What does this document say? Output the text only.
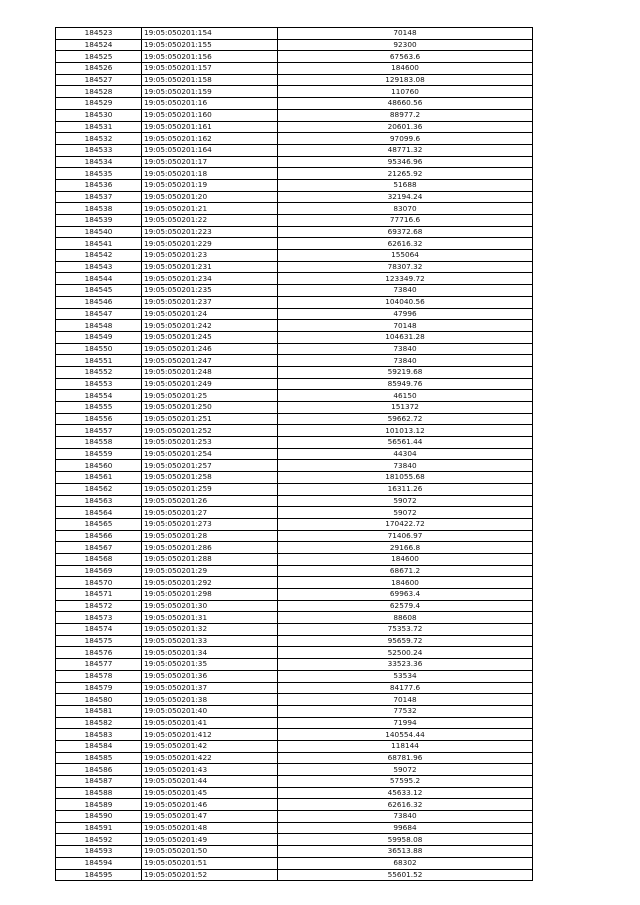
184523	19:05:050201:154	70148
184524	19:05:050201:155	92300
184525	19:05:050201:156	67563.6
184526	19:05:050201:157	184600
184527	19:05:050201:158	129183.08
184528	19:05:050201:159	110760
184529	19:05:050201:16	48660.56
184530	19:05:050201:160	88977.2
184531	19:05:050201:161	20601.36
184532	19:05:050201:162	97099.6
184533	19:05:050201:164	48771.32
184534	19:05:050201:17	95346.96
184535	19:05:050201:18	21265.92
184536	19:05:050201:19	51688
184537	19:05:050201:20	32194.24
184538	19:05:050201:21	83070
184539	19:05:050201:22	77716.6
184540	19:05:050201:223	69372.68
184541	19:05:050201:229	62616.32
184542	19:05:050201:23	155064
184543	19:05:050201:231	78307.32
184544	19:05:050201:234	123349.72
184545	19:05:050201:235	73840
184546	19:05:050201:237	104040.56
184547	19:05:050201:24	47996
184548	19:05:050201:242	70148
184549	19:05:050201:245	104631.28
184550	19:05:050201:246	73840
184551	19:05:050201:247	73840
184552	19:05:050201:248	59219.68
184553	19:05:050201:249	85949.76
184554	19:05:050201:25	46150
184555	19:05:050201:250	151372
184556	19:05:050201:251	59662.72
184557	19:05:050201:252	101013.12
184558	19:05:050201:253	56561.44
184559	19:05:050201:254	44304
184560	19:05:050201:257	73840
184561	19:05:050201:258	181055.68
184562	19:05:050201:259	16311.26
184563	19:05:050201:26	59072
184564	19:05:050201:27	59072
184565	19:05:050201:273	170422.72
184566	19:05:050201:28	71406.97
184567	19:05:050201:286	29166.8
184568	19:05:050201:288	184600
184569	19:05:050201:29	68671.2
184570	19:05:050201:292	184600
184571	19:05:050201:298	69963.4
184572	19:05:050201:30	62579.4
184573	19:05:050201:31	88608
184574	19:05:050201:32	75353.72
184575	19:05:050201:33	95659.72
184576	19:05:050201:34	52500.24
184577	19:05:050201:35	33523.36
184578	19:05:050201:36	53534
184579	19:05:050201:37	84177.6
184580	19:05:050201:38	70148
184581	19:05:050201:40	77532
184582	19:05:050201:41	71994
184583	19:05:050201:412	140554.44
184584	19:05:050201:42	118144
184585	19:05:050201:422	68781.96
184586	19:05:050201:43	59072
184587	19:05:050201:44	57595.2
184588	19:05:050201:45	45633.12
184589	19:05:050201:46	62616.32
184590	19:05:050201:47	73840
184591	19:05:050201:48	99684
184592	19:05:050201:49	59958.08
184593	19:05:050201:50	36513.88
184594	19:05:050201:51	68302
184595	19:05:050201:52	55601.52
